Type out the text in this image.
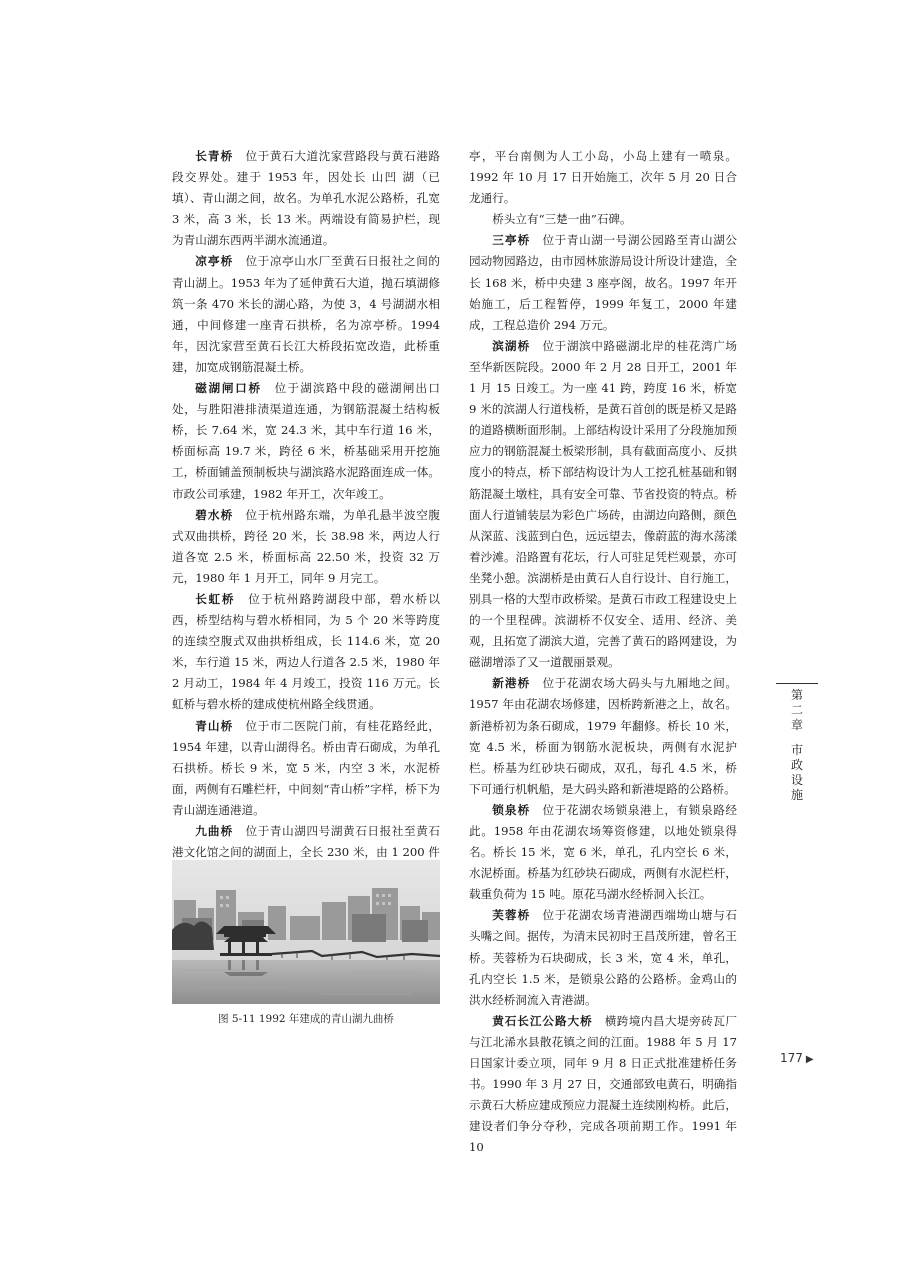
长青桥　 位于黄石大道沈家营路段与黄石港路段交界处。建于 1953 年，因处长 山凹 湖（已填）、青山湖之间，故名。为单孔水泥公路桥，孔宽 3 米，高 3 米，长 13 米。两端设有简易护栏，现为青山湖东西两半湖水流通道。

凉亭桥　 位于凉亭山水厂至黄石日报社之间的青山湖上。1953 年为了延伸黄石大道，抛石填湖修筑一条 470 米长的湖心路，为使 3，4 号湖湖水相通，中间修建一座青石拱桥，名为凉亭桥。1994 年，因沈家营至黄石长江大桥段拓宽改造，此桥重建，加宽成钢筋混凝土桥。

磁湖闸口桥　 位于湖滨路中段的磁湖闸出口处，与胜阳港排渍渠道连通，为钢筋混凝土结构板桥，长 7.64 米，宽 24.3 米，其中车行道 16 米，桥面标高 19.7 米，跨径 6 米，桥基础采用开挖施工，桥面铺盖预制板块与湖滨路水泥路面连成一体。市政公司承建，1982 年开工，次年竣工。

碧水桥　 位于杭州路东端，为单孔悬半波空腹式双曲拱桥，跨径 20 米，长 38.98 米，两边人行道各宽 2.5 米，桥面标高 22.50 米，投资 32 万元，1980 年 1 月开工，同年 9 月完工。

长虹桥　 位于杭州路跨湖段中部，碧水桥以西，桥型结构与碧水桥相同，为 5 个 20 米等跨度的连续空腹式双曲拱桥组成，长 114.6 米，宽 20 米，车行道 15 米，两边人行道各 2.5 米，1980 年 2 月动工，1984 年 4 月竣工，投资 116 万元。长虹桥与碧水桥的建成使杭州路全线贯通。

青山桥　 位于市二医院门前，有桂花路经此，1954 年建，以青山湖得名。桥由青石砌成，为单孔石拱桥。桥长 9 米，宽 5 米，内空 3 米，水泥桥面，两侧有石雕栏杆，中间刻“青山桥”字样，桥下为青山湖连通港道。

九曲桥　 位于青山湖四号湖黄石日报社至黄石港文化馆之间的湖面上，全长 230 米，由 1 200 件

图 5-11 1992 年建成的青山湖九曲桥

亭，平台南侧为人工小岛，小岛上建有一喷泉。1992 年 10 月 17 日开始施工，次年 5 月 20 日合龙通行。

桥头立有“三楚一曲”石碑。

三亭桥　 位于青山湖一号湖公园路至青山湖公园动物园路边，由市园林旅游局设计所设计建造，全长 168 米，桥中央建 3 座亭阁，故名。1997 年开始施工，后工程暂停，1999 年复工，2000 年建成，工程总造价 294 万元。

滨湖桥　 位于湖滨中路磁湖北岸的桂花湾广场至华新医院段。2000 年 2 月 28 日开工，2001 年 1 月 15 日竣工。为一座 41 跨，跨度 16 米，桥宽 9 米的滨湖人行道栈桥，是黄石首创的既是桥又是路的道路横断面形制。上部结构设计采用了分段施加预应力的钢筋混凝土板梁形制，具有截面高度小、反拱度小的特点，桥下部结构设计为人工挖孔桩基础和钢筋混凝土墩柱，具有安全可靠、节省投资的特点。桥面人行道铺装层为彩色广场砖，由湖边向路侧，颜色从深蓝、浅蓝到白色，远远望去，像蔚蓝的海水荡漾着沙滩。沿路置有花坛，行人可驻足凭栏观景，亦可坐凳小憩。滨湖桥是由黄石人自行设计、自行施工，别具一格的大型市政桥梁。是黄石市政工程建设史上的一个里程碑。滨湖桥不仅安全、适用、经济、美观，且拓宽了湖滨大道，完善了黄石的路网建设，为磁湖增添了又一道靓丽景观。

新港桥　 位于花湖农场大码头与九厢地之间。1957 年由花湖农场修建，因桥跨新港之上，故名。新港桥初为条石砌成，1979 年翻修。桥长 10 米，宽 4.5 米，桥面为钢筋水泥板块，两侧有水泥护栏。桥基为红砂块石砌成，双孔，每孔 4.5 米，桥下可通行机帆船，是大码头路和新港堤路的公路桥。

锁泉桥　 位于花湖农场锁泉港上，有锁泉路经此。1958 年由花湖农场筹资修建，以地处锁泉得名。桥长 15 米，宽 6 米，单孔，孔内空长 6 米，水泥桥面。桥基为红砂块石砌成，两侧有水泥栏杆，载重负荷为 15 吨。原花马湖水经桥洞入长江。

芙蓉桥　 位于花湖农场青港湖西端坳山塘与石头嘴之间。据传，为清末民初时王昌茂所建，曾名王桥。芙蓉桥为石块砌成，长 3 米，宽 4 米，单孔，孔内空长 1.5 米，是锁泉公路的公路桥。金鸡山的洪水经桥洞流入青港湖。

黄石长江公路大桥　 横跨境内昌大堤旁砖瓦厂与江北浠水县散花镇之间的江面。1988 年 5 月 17 日国家计委立项，同年 9 月 8 日正式批准建桥任务书。1990 年 3 月 27 日，交通部致电黄石，明确指示黄石大桥应建成预应力混凝土连续刚构桥。此后，建设者们争分夺秒，完成各项前期工作。1991 年 10

第
二
章
市
政
设
施
177 ▶
